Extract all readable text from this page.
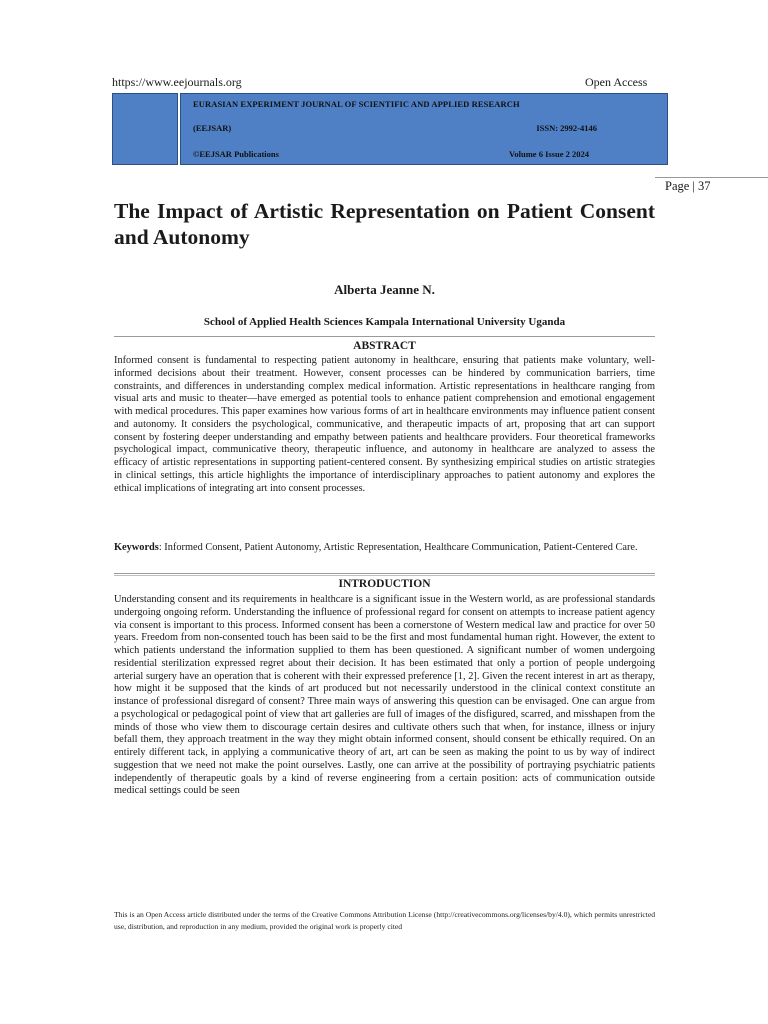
https://www.eejournals.org	Open Access
EURASIAN EXPERIMENT JOURNAL OF SCIENTIFIC AND APPLIED RESEARCH
(EEJSAR)	ISSN: 2992-4146
©EEJSAR Publications	Volume 6 Issue 2 2024
Page | 37
The Impact of Artistic Representation on Patient Consent and Autonomy
Alberta Jeanne N.
School of Applied Health Sciences Kampala International University Uganda
ABSTRACT

Informed consent is fundamental to respecting patient autonomy in healthcare, ensuring that patients make voluntary, well-informed decisions about their treatment. However, consent processes can be hindered by communication barriers, time constraints, and differences in understanding complex medical information. Artistic representations in healthcare ranging from visual arts and music to theater—have emerged as potential tools to enhance patient comprehension and emotional engagement with medical procedures. This paper examines how various forms of art in healthcare environments may influence patient consent and autonomy. It considers the psychological, communicative, and therapeutic impacts of art, proposing that art can support consent by fostering deeper understanding and empathy between patients and healthcare providers. Four theoretical frameworks psychological impact, communicative theory, therapeutic influence, and autonomy in healthcare are analyzed to assess the efficacy of artistic representations in supporting patient-centered consent. By synthesizing empirical studies on artistic strategies in clinical settings, this article highlights the importance of interdisciplinary approaches to patient autonomy and explores the ethical implications of integrating art into consent processes.

Keywords: Informed Consent, Patient Autonomy, Artistic Representation, Healthcare Communication, Patient-Centered Care.

INTRODUCTION

Understanding consent and its requirements in healthcare is a significant issue in the Western world, as are professional standards undergoing ongoing reform. Understanding the influence of professional regard for consent on attempts to increase patient agency via consent is important to this process. Informed consent has been a cornerstone of Western medical law and practice for over 50 years. Freedom from non-consented touch has been said to be the first and most fundamental human right. However, the extent to which patients understand the information supplied to them has been questioned. A significant number of women undergoing residential sterilization expressed regret about their decision. It has been estimated that only a portion of people undergoing arterial surgery have an operation that is coherent with their expressed preference [1, 2]. Given the recent interest in art as therapy, how might it be supposed that the kinds of art produced but not necessarily understood in the clinical context constitute an instance of professional disregard of consent? Three main ways of answering this question can be envisaged. One can argue from a psychological or pedagogical point of view that art galleries are full of images of the disfigured, scarred, and misshapen from the minds of those who view them to discourage certain desires and cultivate others such that when, for instance, illness or injury befall them, they approach treatment in the way they might obtain informed consent, should consent be ethically required. On an entirely different tack, in applying a communicative theory of art, art can be seen as making the point to us by way of indirect suggestion that we need not make the point ourselves. Lastly, one can arrive at the possibility of portraying psychiatric patients independently of therapeutic goals by a kind of reverse engineering from a certain position: acts of communication outside medical settings could be seen

This is an Open Access article distributed under the terms of the Creative Commons Attribution License (http://creativecommons.org/licenses/by/4.0), which permits unrestricted use, distribution, and reproduction in any medium, provided the original work is properly cited
